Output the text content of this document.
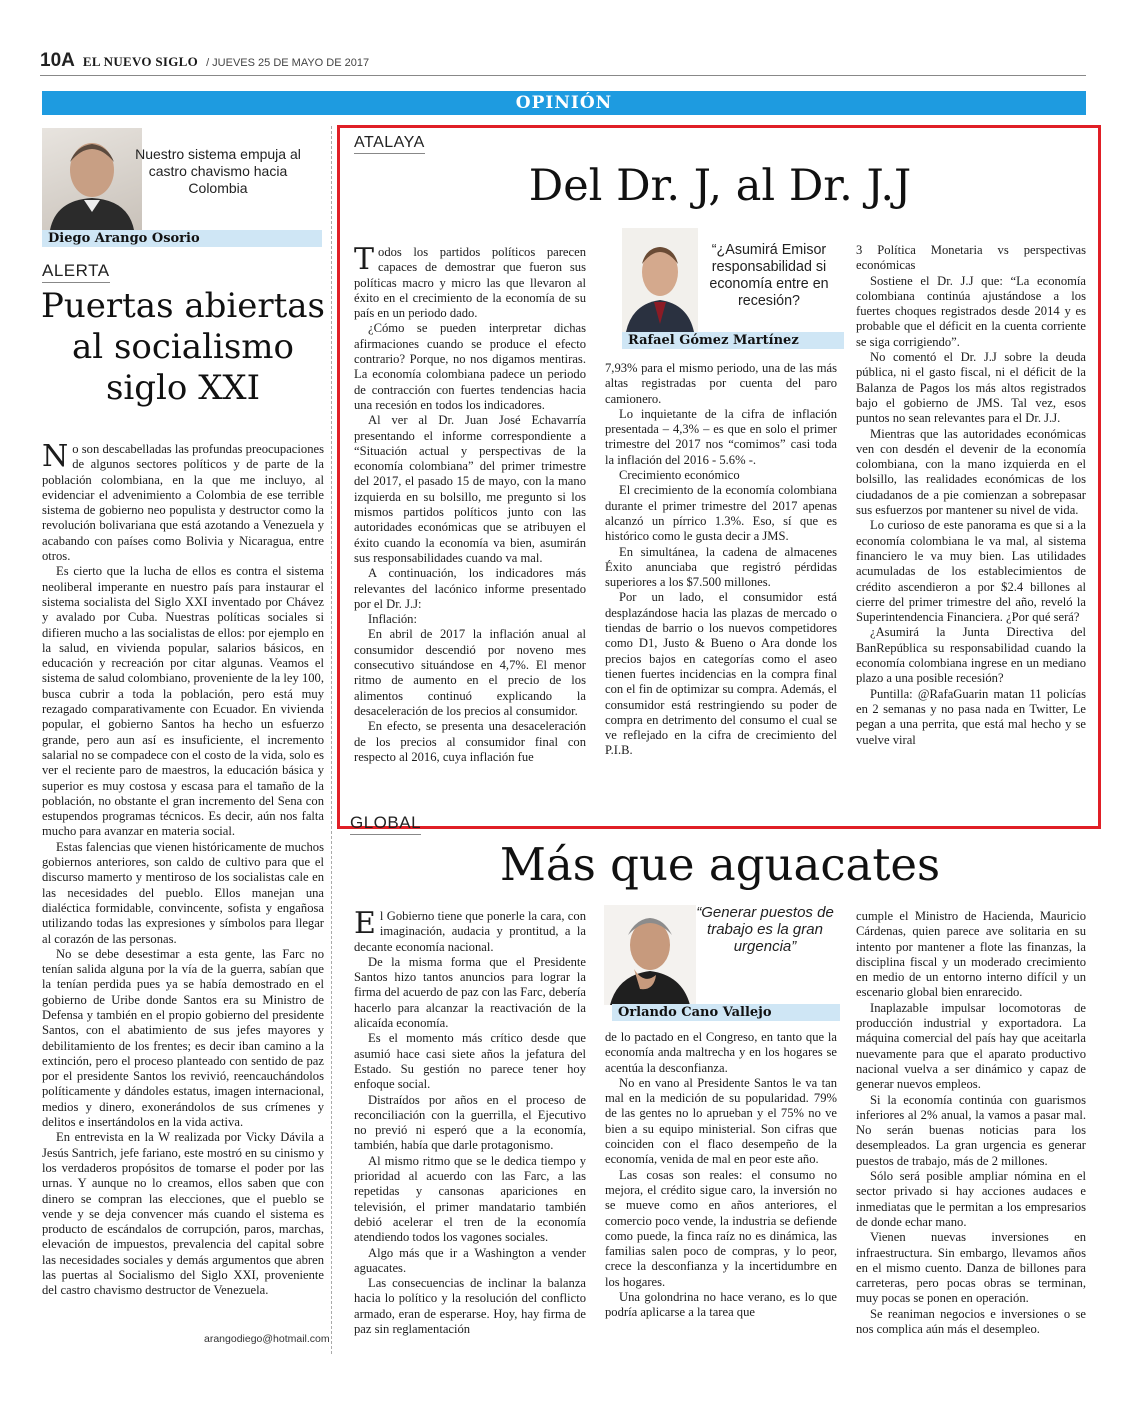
10A EL NUEVO SIGLO / JUEVES 25 DE MAYO DE 2017
OPINIÓN
Nuestro sistema empuja al castro chavismo hacia Colombia
Diego Arango Osorio
ALERTA
Puertas abiertas al socialismo siglo XXI

No son descabelladas las profundas preocupaciones de algunos sectores políticos y de parte de la población colombiana, en la que me incluyo, al evidenciar el advenimiento a Colombia de ese terrible sistema de gobierno neo populista y destructor como la revolución bolivariana que está azotando a Venezuela y acabando con países como Bolivia y Nicaragua, entre otros.

Es cierto que la lucha de ellos es contra el sistema neoliberal imperante en nuestro país para instaurar el sistema socialista del Siglo XXI inventado por Chávez y avalado por Cuba. Nuestras políticas sociales si difieren mucho a las socialistas de ellos: por ejemplo en la salud, en vivienda popular, salarios básicos, en educación y recreación por citar algunas. Veamos el sistema de salud colombiano, proveniente de la ley 100, busca cubrir a toda la población, pero está muy rezagado comparativamente con Ecuador. En vivienda popular, el gobierno Santos ha hecho un esfuerzo grande, pero aun así es insuficiente, el incremento salarial no se compadece con el costo de la vida, solo es ver el reciente paro de maestros, la educación básica y superior es muy costosa y escasa para el tamaño de la población, no obstante el gran incremento del Sena con estupendos programas técnicos. Es decir, aún nos falta mucho para avanzar en materia social.

Estas falencias que vienen históricamente de muchos gobiernos anteriores, son caldo de cultivo para que el discurso mamerto y mentiroso de los socialistas cale en las necesidades del pueblo. Ellos manejan una dialéctica formidable, convincente, sofista y engañosa utilizando todas las expresiones y símbolos para llegar al corazón de las personas.

No se debe desestimar a esta gente, las Farc no tenían salida alguna por la vía de la guerra, sabían que la tenían perdida pues ya se había demostrado en el gobierno de Uribe donde Santos era su Ministro de Defensa y también en el propio gobierno del presidente Santos, con el abatimiento de sus jefes mayores y debilitamiento de los frentes; es decir iban camino a la extinción, pero el proceso planteado con sentido de paz por el presidente Santos los revivió, reencauchándolos políticamente y dándoles estatus, imagen internacional, medios y dinero, exonerándolos de sus crímenes y delitos e insertándolos en la vida activa.

En entrevista en la W realizada por Vicky Dávila a Jesús Santrich, jefe fariano, este mostró en su cinismo y los verdaderos propósitos de tomarse el poder por las urnas. Y aunque no lo creamos, ellos saben que con dinero se compran las elecciones, que el pueblo se vende y se deja convencer más cuando el sistema es producto de escándalos de corrupción, paros, marchas, elevación de impuestos, prevalencia del capital sobre las necesidades sociales y demás argumentos que abren las puertas al Socialismo del Siglo XXI, proveniente del castro chavismo destructor de Venezuela.

arangodiego@hotmail.com
ATALAYA
Del Dr. J, al Dr. J.J

Todos los partidos políticos parecen capaces de demostrar que fueron sus políticas macro y micro las que llevaron al éxito en el crecimiento de la economía de su país en un periodo dado.

¿Cómo se pueden interpretar dichas afirmaciones cuando se produce el efecto contrario? Porque, no nos digamos mentiras. La economía colombiana padece un periodo de contracción con fuertes tendencias hacia una recesión en todos los indicadores.

Al ver al Dr. Juan José Echavarría presentando el informe correspondiente a “Situación actual y perspectivas de la economía colombiana” del primer trimestre del 2017, el pasado 15 de mayo, con la mano izquierda en su bolsillo, me pregunto si los mismos partidos políticos junto con las autoridades económicas que se atribuyen el éxito cuando la economía va bien, asumirán sus responsabilidades cuando va mal.

A continuación, los indicadores más relevantes del lacónico informe presentado por el Dr. J.J:

Inflación:

En abril de 2017 la inflación anual al consumidor descendió por noveno mes consecutivo situándose en 4,7%. El menor ritmo de aumento en el precio de los alimentos continuó explicando la desaceleración de los precios al consumidor.

En efecto, se presenta una desaceleración de los precios al consumidor final con respecto al 2016, cuya inflación fue

“¿Asumirá Emisor responsabilidad si economía entre en recesión?
Rafael Gómez Martínez

7,93% para el mismo periodo, una de las más altas registradas por cuenta del paro camionero.

Lo inquietante de la cifra de inflación presentada – 4,3% – es que en solo el primer trimestre del 2017 nos “comimos” casi toda la inflación del 2016 - 5.6% -.

Crecimiento económico

El crecimiento de la economía colombiana durante el primer trimestre del 2017 apenas alcanzó un pírrico 1.3%. Eso, sí que es histórico como le gusta decir a JMS.

En simultánea, la cadena de almacenes Éxito anunciaba que registró pérdidas superiores a los $7.500 millones.

Por un lado, el consumidor está desplazándose hacia las plazas de mercado o tiendas de barrio o los nuevos competidores como D1, Justo & Bueno o Ara donde los precios bajos en categorías como el aseo tienen fuertes incidencias en la compra final con el fin de optimizar su compra. Además, el consumidor está restringiendo su poder de compra en detrimento del consumo el cual se ve reflejado en la cifra de crecimiento del P.I.B.

3 Política Monetaria vs perspectivas económicas

Sostiene el Dr. J.J que: “La economía colombiana continúa ajustándose a los fuertes choques registrados desde 2014 y es probable que el déficit en la cuenta corriente se siga corrigiendo”.

No comentó el Dr. J.J sobre la deuda pública, ni el gasto fiscal, ni el déficit de la Balanza de Pagos los más altos registrados bajo el gobierno de JMS. Tal vez, esos puntos no sean relevantes para el Dr. J.J.

Mientras que las autoridades económicas ven con desdén el devenir de la economía colombiana, con la mano izquierda en el bolsillo, las realidades económicas de los ciudadanos de a pie comienzan a sobrepasar sus esfuerzos por mantener su nivel de vida.

Lo curioso de este panorama es que si a la economía colombiana le va mal, al sistema financiero le va muy bien. Las utilidades acumuladas de los establecimientos de crédito ascendieron a por $2.4 billones al cierre del primer trimestre del año, reveló la Superintendencia Financiera. ¿Por qué será?

¿Asumirá la Junta Directiva del BanRepública su responsabilidad cuando la economía colombiana ingrese en un mediano plazo a una posible recesión?

Puntilla: @RafaGuarin matan 11 policías en 2 semanas y no pasa nada en Twitter, Le pegan a una perrita, que está mal hecho y se vuelve viral

GLOBAL
Más que aguacates

El Gobierno tiene que ponerle la cara, con imaginación, audacia y prontitud, a la decante economía nacional.

De la misma forma que el Presidente Santos hizo tantos anuncios para lograr la firma del acuerdo de paz con las Farc, debería hacerlo para alcanzar la reactivación de la alicaída economía.

Es el momento más crítico desde que asumió hace casi siete años la jefatura del Estado. Su gestión no parece tener hoy enfoque social.

Distraídos por años en el proceso de reconciliación con la guerrilla, el Ejecutivo no previó ni esperó que a la economía, también, había que darle protagonismo.

Al mismo ritmo que se le dedica tiempo y prioridad al acuerdo con las Farc, a las repetidas y cansonas apariciones en televisión, el primer mandatario también debió acelerar el tren de la economía atendiendo todos los vagones sociales.

Algo más que ir a Washington a vender aguacates.

Las consecuencias de inclinar la balanza hacia lo político y la resolución del conflicto armado, eran de esperarse. Hoy, hay firma de paz sin reglamentación

“Generar puestos de trabajo es la gran urgencia”
Orlando Cano Vallejo

de lo pactado en el Congreso, en tanto que la economía anda maltrecha y en los hogares se acentúa la desconfianza.

No en vano al Presidente Santos le va tan mal en la medición de su popularidad. 79% de las gentes no lo aprueban y el 75% no ve bien a su equipo ministerial. Son cifras que coinciden con el flaco desempeño de la economía, venida de mal en peor este año.

Las cosas son reales: el consumo no mejora, el crédito sigue caro, la inversión no se mueve como en años anteriores, el comercio poco vende, la industria se defiende como puede, la finca raíz no es dinámica, las familias salen poco de compras, y lo peor, crece la desconfianza y la incertidumbre en los hogares.

Una golondrina no hace verano, es lo que podría aplicarse a la tarea que

cumple el Ministro de Hacienda, Mauricio Cárdenas, quien parece ave solitaria en su intento por mantener a flote las finanzas, la disciplina fiscal y un moderado crecimiento en medio de un entorno interno difícil y un escenario global bien enrarecido.

Inaplazable impulsar locomotoras de producción industrial y exportadora. La máquina comercial del país hay que aceitarla nuevamente para que el aparato productivo nacional vuelva a ser dinámico y capaz de generar nuevos empleos.

Si la economía continúa con guarismos inferiores al 2% anual, la vamos a pasar mal. No serán buenas noticias para los desempleados. La gran urgencia es generar puestos de trabajo, más de 2 millones.

Sólo será posible ampliar nómina en el sector privado si hay acciones audaces e inmediatas que le permitan a los empresarios de donde echar mano.

Vienen nuevas inversiones en infraestructura. Sin embargo, llevamos años en el mismo cuento. Danza de billones para carreteras, pero pocas obras se terminan, muy pocas se ponen en operación.

Se reaniman negocios e inversiones o se nos complica aún más el desempleo.
